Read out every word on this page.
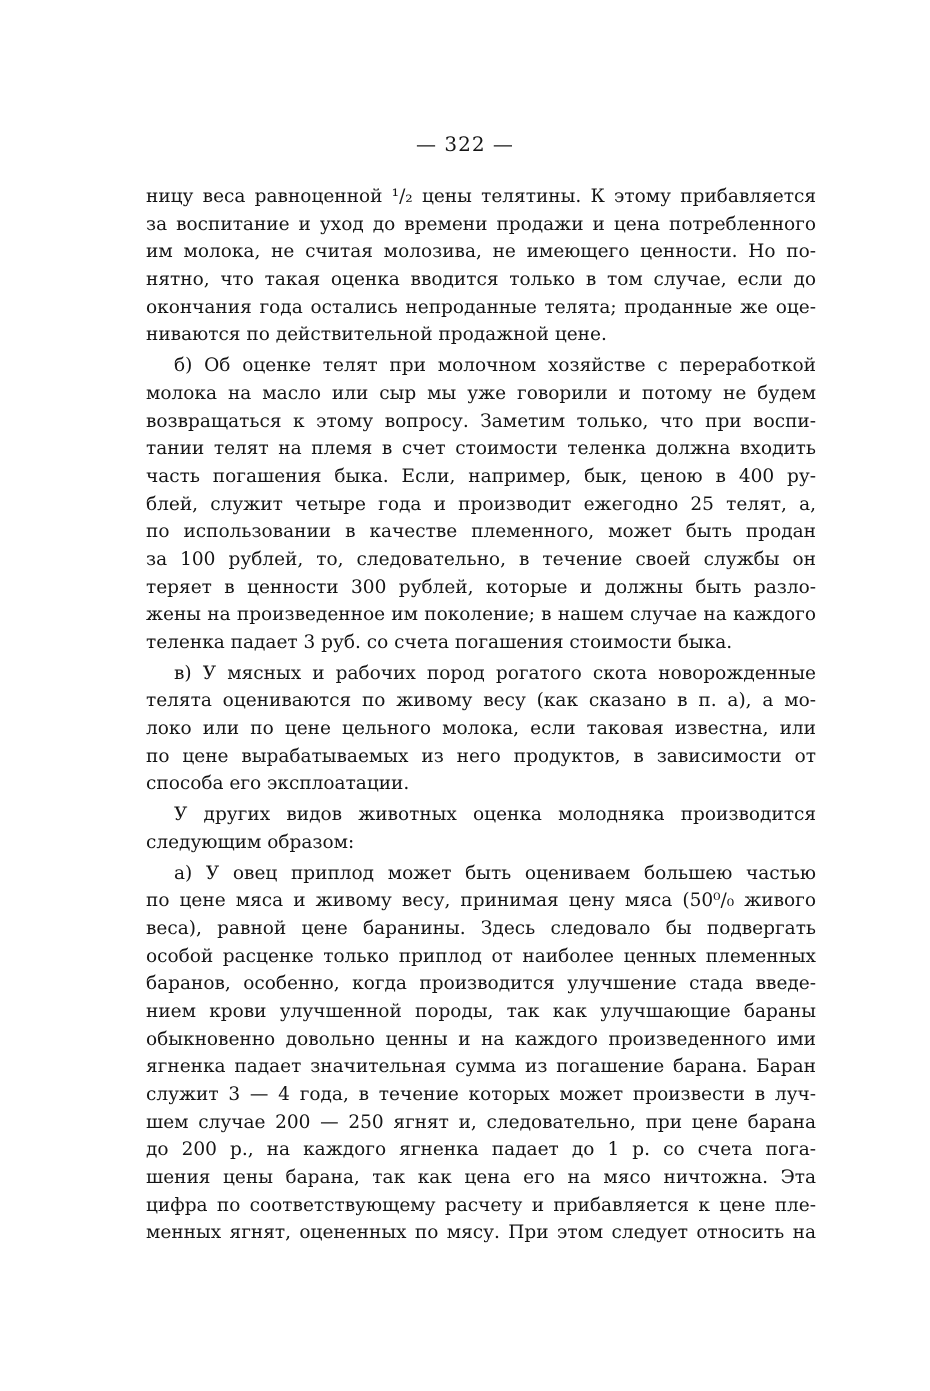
— 322 —
ницу веса равноценной ¹/₂ цены телятины. К этому прибавляется
за воспитание и уход до времени продажи и цена потребленного
им молока, не считая молозива, не имеющего ценности. Но по-
нятно, что такая оценка вводится только в том случае, если до
окончания года остались непроданные телята; проданные же оце-
ниваются по действительной продажной цене.
б) Об оценке телят при молочном хозяйстве с переработкой
молока на масло или сыр мы уже говорили и потому не будем
возвращаться к этому вопросу. Заметим только, что при воспи-
тании телят на племя в счет стоимости теленка должна входить
часть погашения быка. Если, например, бык, ценою в 400 ру-
блей, служит четыре года и производит ежегодно 25 телят, а,
по использовании в качестве племенного, может быть продан
за 100 рублей, то, следовательно, в течение своей службы он
теряет в ценности 300 рублей, которые и должны быть разло-
жены на произведенное им поколение; в нашем случае на каждого
теленка падает 3 руб. со счета погашения стоимости быка.
в) У мясных и рабочих пород рогатого скота новорожденные
телята оцениваются по живому весу (как сказано в п. а), а мо-
локо или по цене цельного молока, если таковая известна, или
по цене вырабатываемых из него продуктов, в зависимости от
способа его эксплоатации.
У других видов животных оценка молодняка производится
следующим образом:
а) У овец приплод может быть оцениваем большею частью
по цене мяса и живому весу, принимая цену мяса (50⁰/₀ живого
веса), равной цене баранины. Здесь следовало бы подвергать
особой расценке только приплод от наиболее ценных племенных
баранов, особенно, когда производится улучшение стада введе-
нием крови улучшенной породы, так как улучшающие бараны
обыкновенно довольно ценны и на каждого произведенного ими
ягненка падает значительная сумма из погашение барана. Баран
служит 3 — 4 года, в течение которых может произвести в луч-
шем случае 200 — 250 ягнят и, следовательно, при цене барана
до 200 р., на каждого ягненка падает до 1 р. со счета пога-
шения цены барана, так как цена его на мясо ничтожна. Эта
цифра по соответствующему расчету и прибавляется к цене пле-
менных ягнят, оцененных по мясу. При этом следует относить на
